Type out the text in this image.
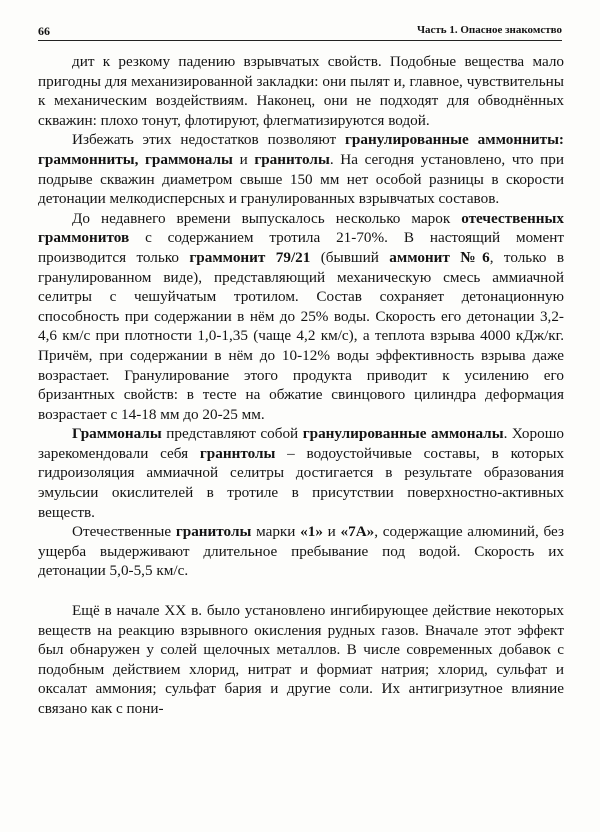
66	Часть 1. Опасное знакомство

дит к резкому падению взрывчатых свойств. Подобные вещества мало пригодны для механизированной закладки: они пылят и, главное, чувствительны к механическим воздействиям. Наконец, они не подходят для обводнённых скважин: плохо тонут, флотируют, флегматизируются водой.

Избежать этих недостатков позволяют гранулированные аммонниты: граммонниты, граммоналы и граннтолы. На сегодня установлено, что при подрыве скважин диаметром свыше 150 мм нет особой разницы в скорости детонации мелкодисперсных и гранулированных взрывчатых составов.

До недавнего времени выпускалось несколько марок отечественных граммонитов с содержанием тротила 21-70%. В настоящий момент производится только граммонит 79/21 (бывший аммонит №6, только в гранулированном виде), представляющий механическую смесь аммиачной селитры с чешуйчатым тротилом. Состав сохраняет детонационную способность при содержании в нём до 25% воды. Скорость его детонации 3,2-4,6 км/с при плотности 1,0-1,35 (чаще 4,2 км/с), а теплота взрыва 4000 кДж/кг. Причём, при содержании в нём до 10-12% воды эффективность взрыва даже возрастает. Гранулирование этого продукта приводит к усилению его бризантных свойств: в тесте на обжатие свинцового цилиндра деформация возрастает с 14-18 мм до 20-25 мм.

Граммоналы представляют собой гранулированные аммоналы. Хорошо зарекомендовали себя граннтолы – водоустойчивые составы, в которых гидроизоляция аммиачной селитры достигается в результате образования эмульсии окислителей в тротиле в присутствии поверхностно-активных веществ.

Отечественные гранитолы марки «1» и «7А», содержащие алюминий, без ущерба выдерживают длительное пребывание под водой. Скорость их детонации 5,0-5,5 км/с.

Ещё в начале XX в. было установлено ингибирующее действие некоторых веществ на реакцию взрывного окисления рудных газов. Вначале этот эффект был обнаружен у солей щелочных металлов. В числе современных добавок с подобным действием хлорид, нитрат и формиат натрия; хлорид, сульфат и оксалат аммония; сульфат бария и другие соли. Их антигризутное влияние связано как с пони-
